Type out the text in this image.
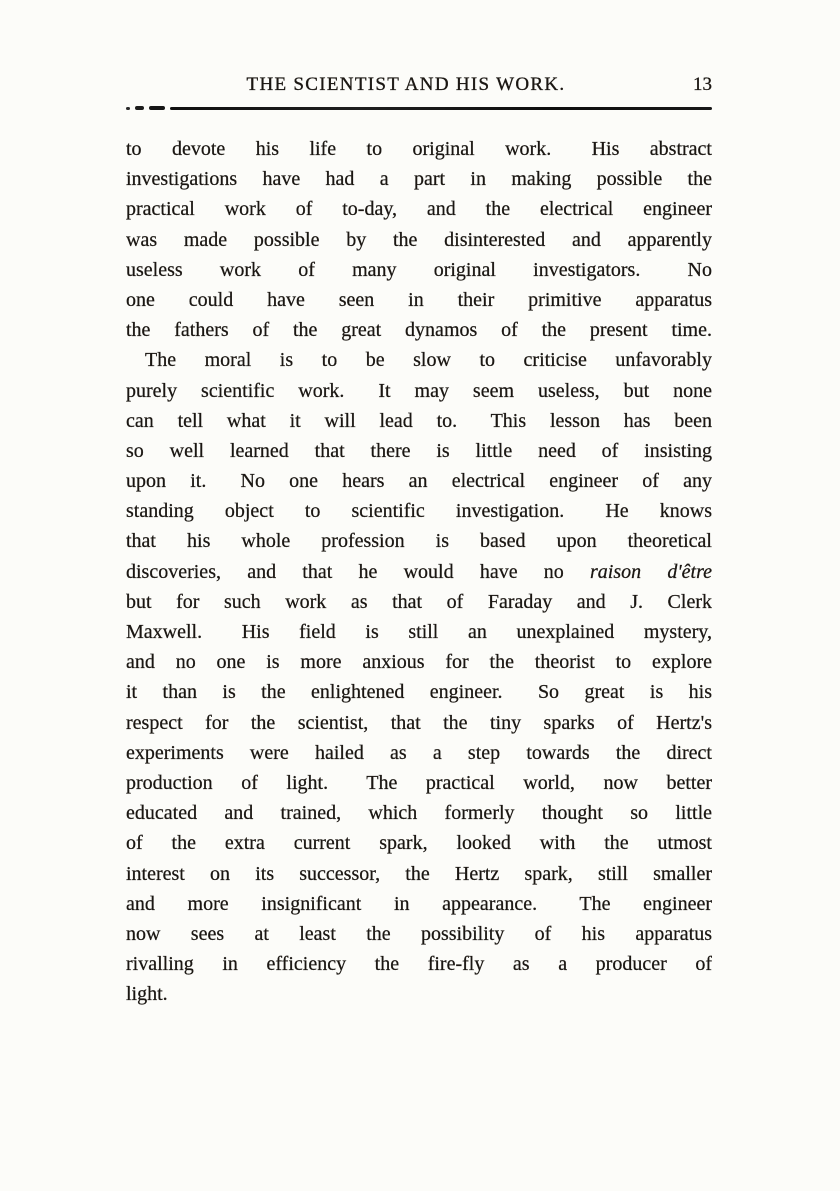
THE SCIENTIST AND HIS WORK.	13
to devote his life to original work.  His abstract
investigations have had a part in making possible the
practical work of to-day, and the electrical engineer
was made possible by the disinterested and apparently
useless work of many original investigators.  No
one could have seen in their primitive apparatus
the fathers of the great dynamos of the present time.
The moral is to be slow to criticise unfavorably
purely scientific work.  It may seem useless, but none
can tell what it will lead to.  This lesson has been
so well learned that there is little need of insisting
upon it.  No one hears an electrical engineer of any
standing object to scientific investigation.  He knows
that his whole profession is based upon theoretical
discoveries, and that he would have no raison d'être
but for such work as that of Faraday and J. Clerk
Maxwell.  His field is still an unexplained mystery,
and no one is more anxious for the theorist to explore
it than is the enlightened engineer.  So great is his
respect for the scientist, that the tiny sparks of Hertz's
experiments were hailed as a step towards the direct
production of light.  The practical world, now better
educated and trained, which formerly thought so little
of the extra current spark, looked with the utmost
interest on its successor, the Hertz spark, still smaller
and more insignificant in appearance.  The engineer
now sees at least the possibility of his apparatus
rivalling in efficiency the fire-fly as a producer of
light.
